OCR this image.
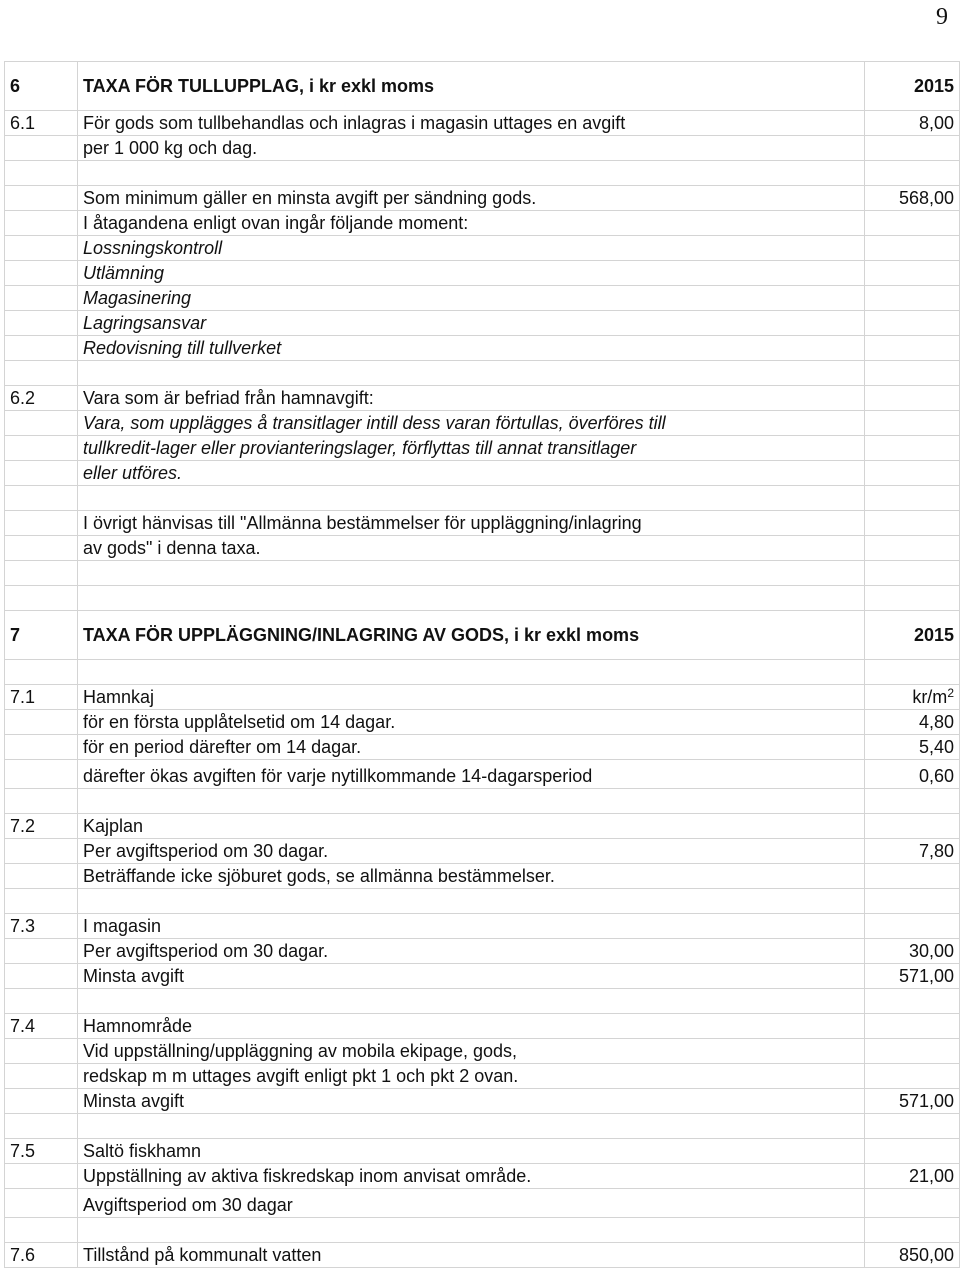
9
6	TAXA FÖR TULLUPPLAG, i kr exkl moms	2015
6.1	För gods som tullbehandlas och inlagras i magasin uttages en avgift	8,00
	per 1 000 kg och dag.	

	Som minimum gäller en minsta avgift per sändning gods.	568,00
	I åtagandena enligt ovan ingår följande moment:	
	Lossningskontroll	
	Utlämning	
	Magasinering	
	Lagringsansvar	
	Redovisning till tullverket	

6.2	Vara som är befriad från hamnavgift:	
	Vara, som upplägges å transitlager intill dess varan förtullas, överföres till	
	tullkredit-lager eller provianteringslager, förflyttas till annat transitlager	
	eller utföres.	

	I övrigt hänvisas till "Allmänna bestämmelser för uppläggning/inlagring	
	av gods" i denna taxa.	

7	TAXA FÖR UPPLÄGGNING/INLAGRING AV GODS, i kr exkl moms	2015

7.1	Hamnkaj	$kr/m^2$
	för en första upplåtelsetid om 14 dagar.	4,80
	för en period därefter om 14 dagar.	5,40
	därefter ökas avgiften för varje nytillkommande 14-dagarsperiod	0,60

7.2	Kajplan	
	Per avgiftsperiod om 30 dagar.	7,80
	Beträffande icke sjöburet gods, se allmänna bestämmelser.	

7.3	I magasin	
	Per avgiftsperiod om 30 dagar.	30,00
	Minsta avgift	571,00

7.4	Hamnområde	
	Vid uppställning/uppläggning av mobila ekipage, gods,	
	redskap m m uttages avgift enligt pkt 1 och pkt 2 ovan.	
	Minsta avgift	571,00

7.5	Saltö fiskhamn	
	Uppställning av aktiva fiskredskap inom anvisat område.	21,00
	Avgiftsperiod om 30 dagar	

7.6	Tillstånd på kommunalt vatten	850,00
